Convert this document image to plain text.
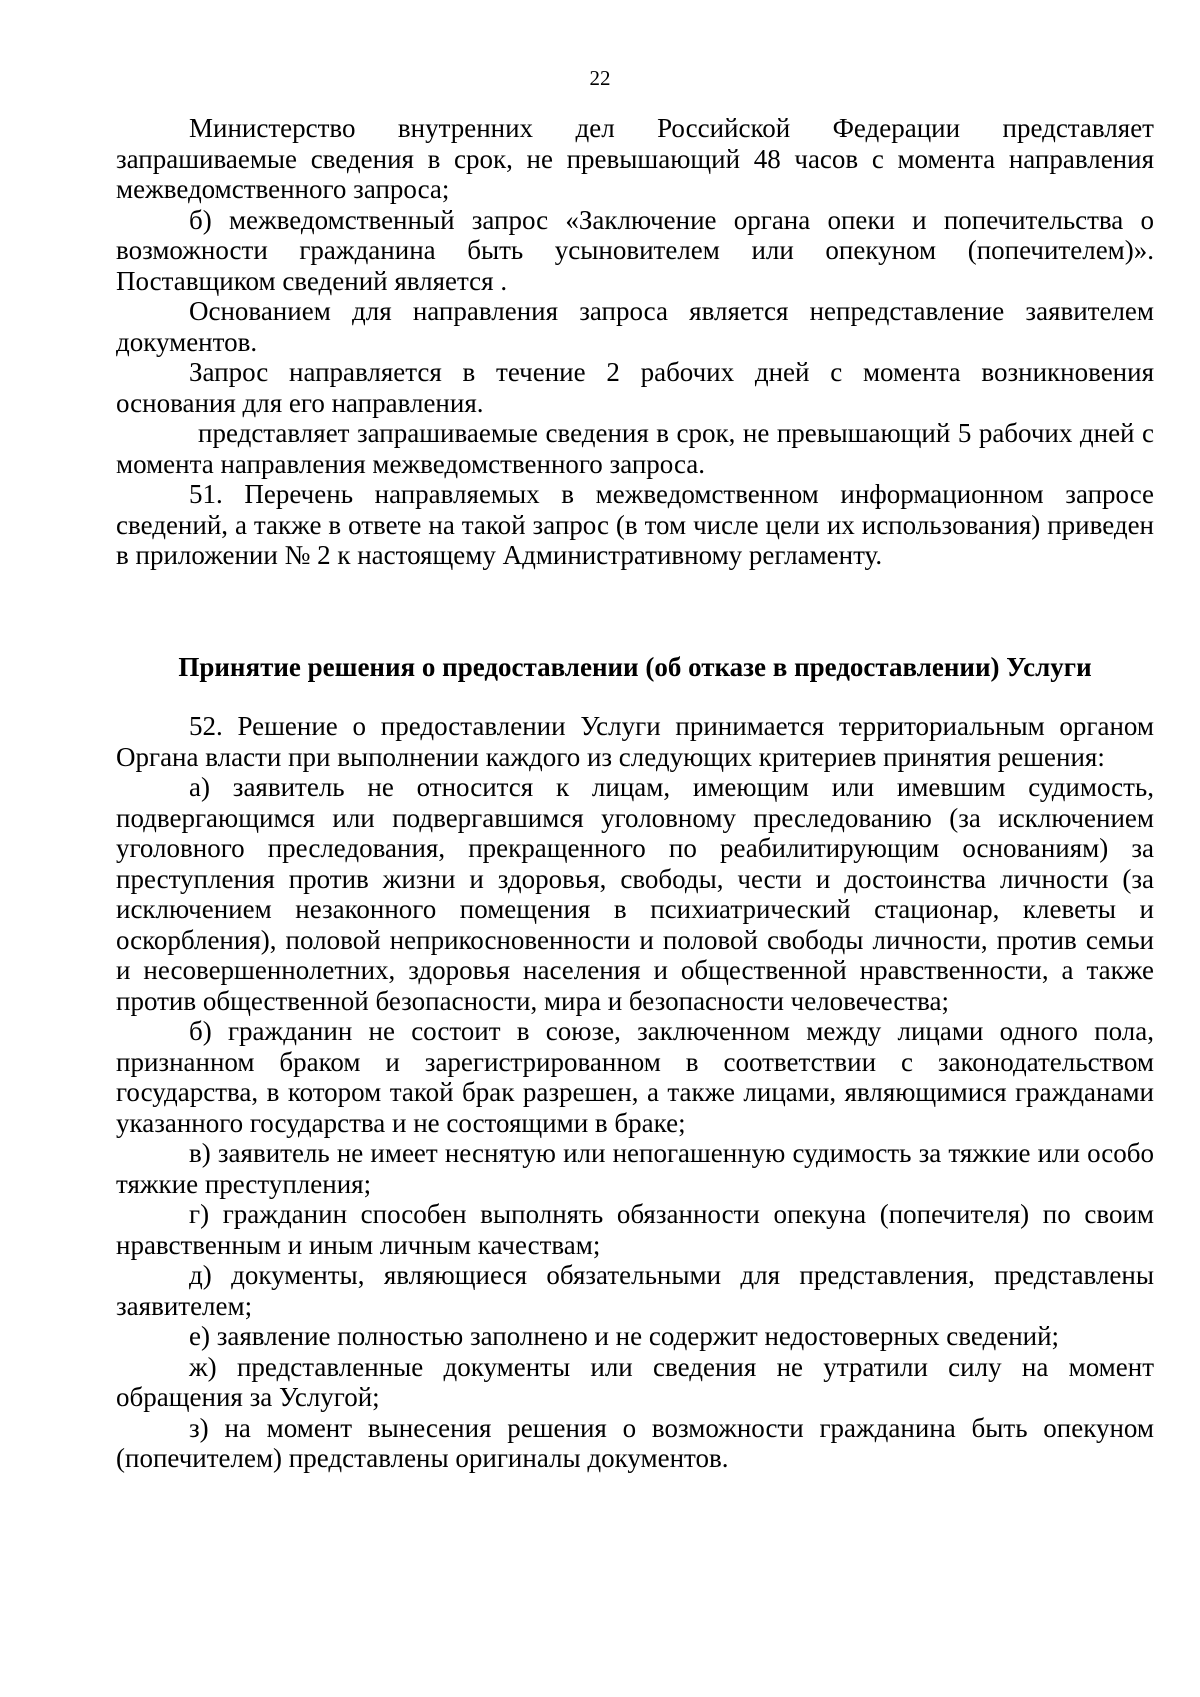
22

Министерство внутренних дел Российской Федерации представляет запрашиваемые сведения в срок, не превышающий 48 часов с момента направления межведомственного запроса;

б) межведомственный запрос «Заключение органа опеки и попечительства о возможности гражданина быть усыновителем или опекуном (попечителем)». Поставщиком сведений является .

Основанием для направления запроса является непредставление заявителем документов.

Запрос направляется в течение 2 рабочих дней с момента возникновения основания для его направления.

представляет запрашиваемые сведения в срок, не превышающий 5 рабочих дней с момента направления межведомственного запроса.

51. Перечень направляемых в межведомственном информационном запросе сведений, а также в ответе на такой запрос (в том числе цели их использования) приведен в приложении № 2 к настоящему Административному регламенту.

Принятие решения о предоставлении (об отказе в предоставлении) Услуги

52. Решение о предоставлении Услуги принимается территориальным органом Органа власти при выполнении каждого из следующих критериев принятия решения:

а) заявитель не относится к лицам, имеющим или имевшим судимость, подвергающимся или подвергавшимся уголовному преследованию (за исключением уголовного преследования, прекращенного по реабилитирующим основаниям) за преступления против жизни и здоровья, свободы, чести и достоинства личности (за исключением незаконного помещения в психиатрический стационар, клеветы и оскорбления), половой неприкосновенности и половой свободы личности, против семьи и несовершеннолетних, здоровья населения и общественной нравственности, а также против общественной безопасности, мира и безопасности человечества;

б) гражданин не состоит в союзе, заключенном между лицами одного пола, признанном браком и зарегистрированном в соответствии с законодательством государства, в котором такой брак разрешен, а также лицами, являющимися гражданами указанного государства и не состоящими в браке;

в) заявитель не имеет неснятую или непогашенную судимость за тяжкие или особо тяжкие преступления;

г) гражданин способен выполнять обязанности опекуна (попечителя) по своим нравственным и иным личным качествам;

д) документы, являющиеся обязательными для представления, представлены заявителем;

е) заявление полностью заполнено и не содержит недостоверных сведений;

ж) представленные документы или сведения не утратили силу на момент обращения за Услугой;

з) на момент вынесения решения о возможности гражданина быть опекуном (попечителем) представлены оригиналы документов.
